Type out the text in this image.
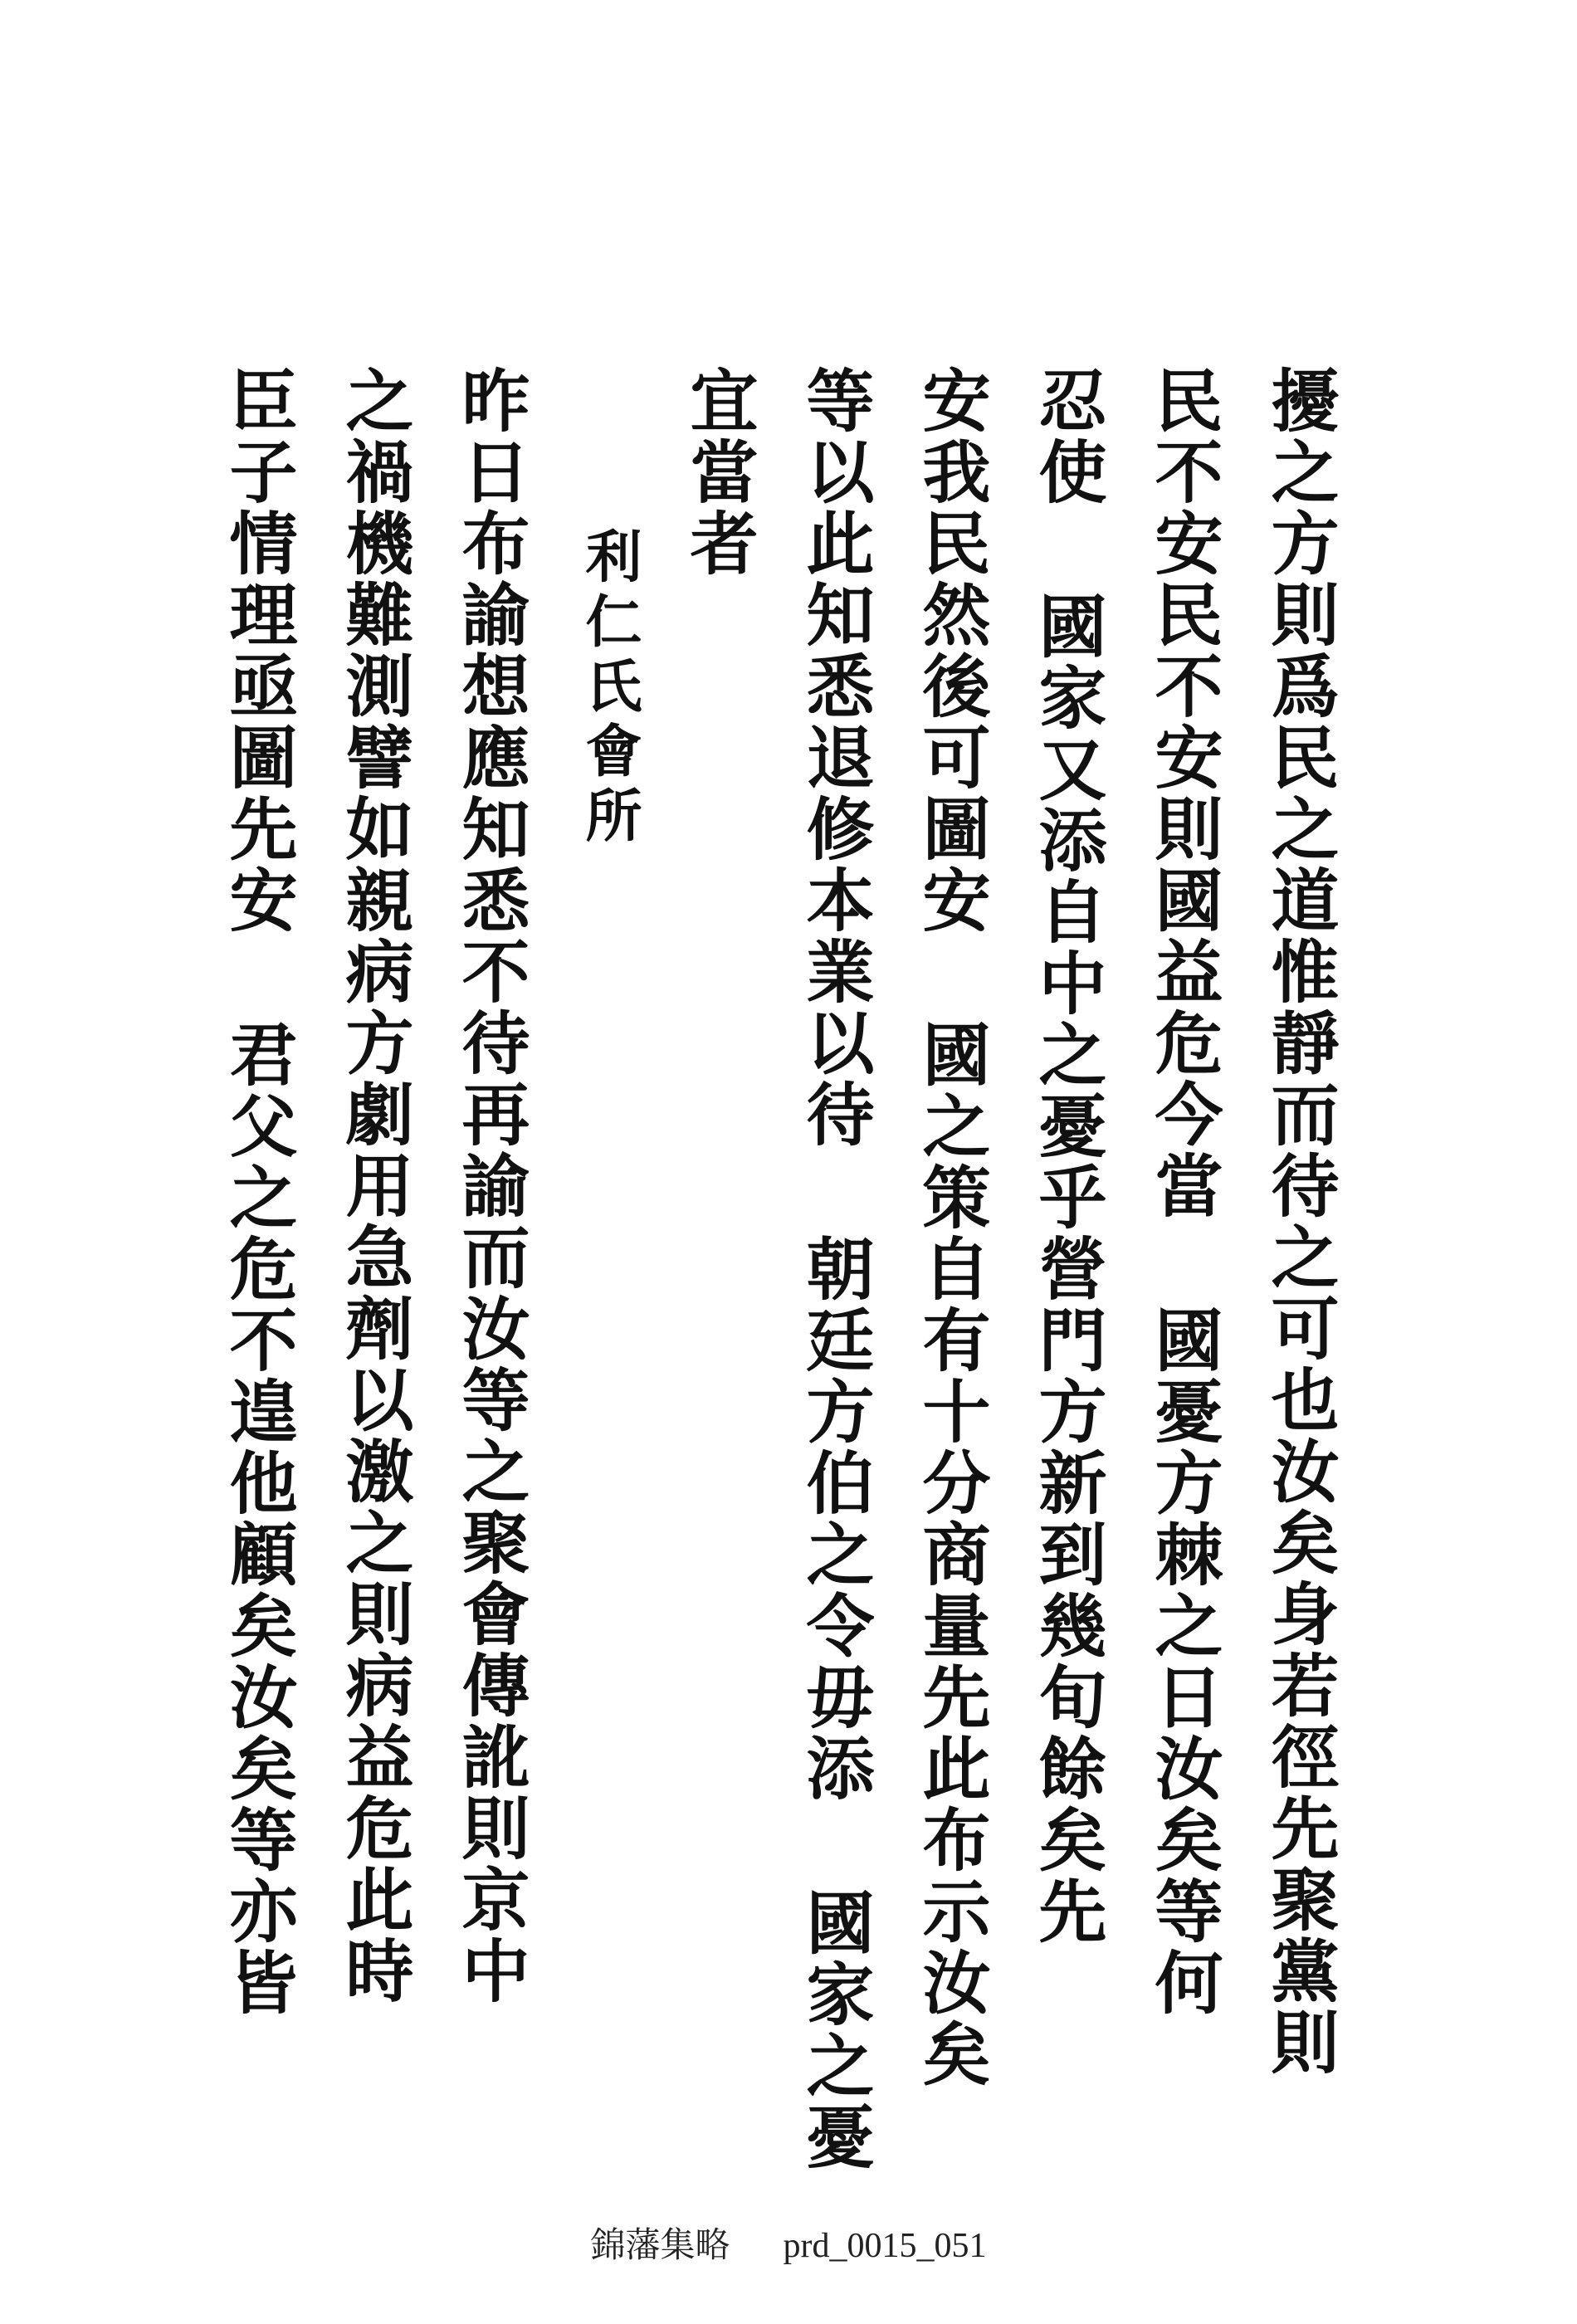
擾之方則爲民之道惟靜而待之可也汝矣身若徑先聚黨則
民不安民不安則國益危今當 國憂方棘之日汝矣等何
忍使 國家又添自中之憂乎營門方新到幾旬餘矣先
安我民然後可圖安 國之策自有十分商量先此布示汝矣
等以此知悉退修本業以待 朝廷方伯之令毋添 國家之憂
宜當者
利仁氏會所
昨日布諭想應知悉不待再諭而汝等之聚會傳訛則京中
之禍機難測譬如親病方劇用急劑以激之則病益危此時
臣子情理亟圖先安 君父之危不遑他顧矣汝矣等亦皆
錦藩集略 prd_0015_051
